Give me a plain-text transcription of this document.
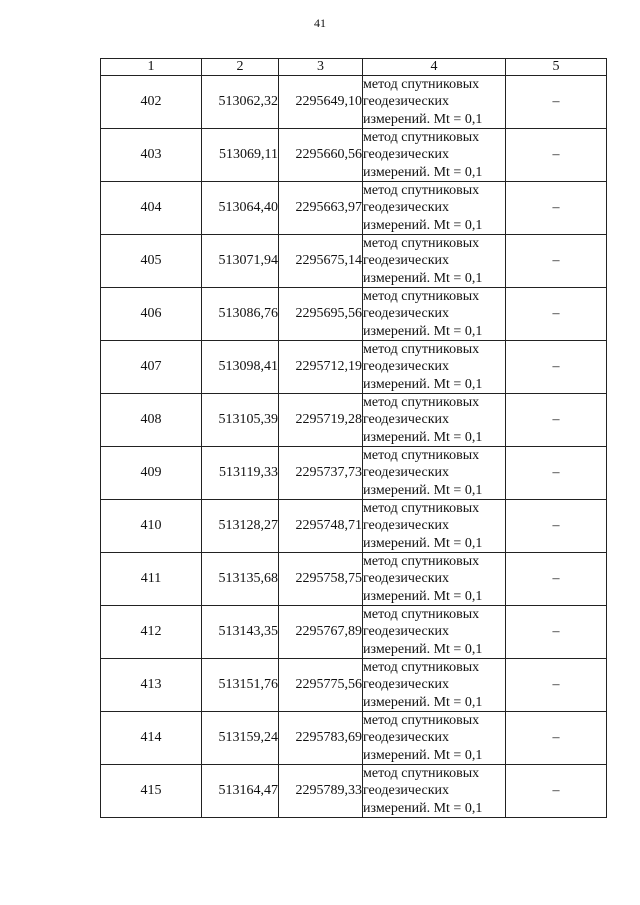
41
1	2	3	4	5
402	513062,32	2295649,10	метод спутниковых
геодезических
измерений. Mt = 0,1	–
403	513069,11	2295660,56	метод спутниковых
геодезических
измерений. Mt = 0,1	–
404	513064,40	2295663,97	метод спутниковых
геодезических
измерений. Mt = 0,1	–
405	513071,94	2295675,14	метод спутниковых
геодезических
измерений. Mt = 0,1	–
406	513086,76	2295695,56	метод спутниковых
геодезических
измерений. Mt = 0,1	–
407	513098,41	2295712,19	метод спутниковых
геодезических
измерений. Mt = 0,1	–
408	513105,39	2295719,28	метод спутниковых
геодезических
измерений. Mt = 0,1	–
409	513119,33	2295737,73	метод спутниковых
геодезических
измерений. Mt = 0,1	–
410	513128,27	2295748,71	метод спутниковых
геодезических
измерений. Mt = 0,1	–
411	513135,68	2295758,75	метод спутниковых
геодезических
измерений. Mt = 0,1	–
412	513143,35	2295767,89	метод спутниковых
геодезических
измерений. Mt = 0,1	–
413	513151,76	2295775,56	метод спутниковых
геодезических
измерений. Mt = 0,1	–
414	513159,24	2295783,69	метод спутниковых
геодезических
измерений. Mt = 0,1	–
415	513164,47	2295789,33	метод спутниковых
геодезических
измерений. Mt = 0,1	–
